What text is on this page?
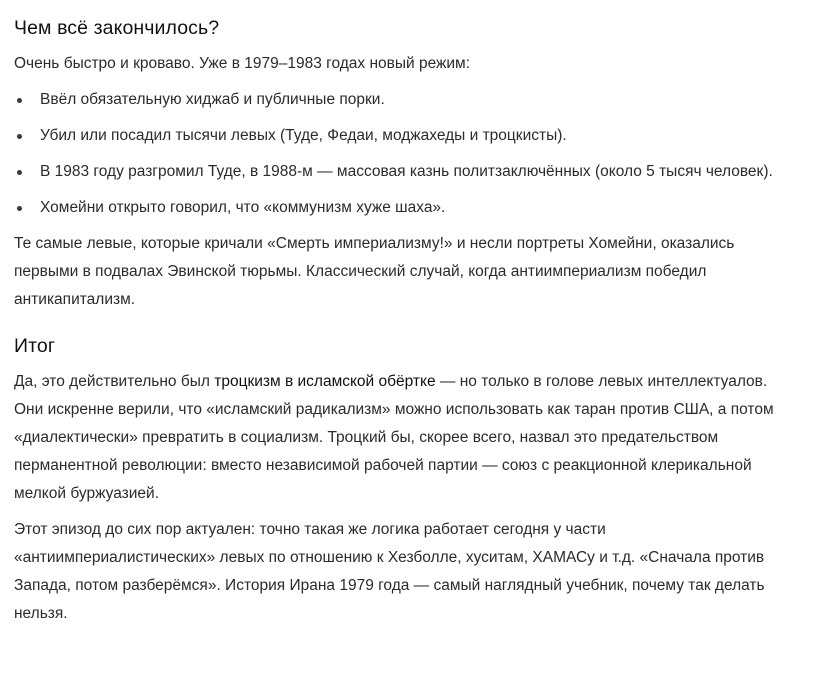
Чем всё закончилось?

Очень быстро и кроваво. Уже в 1979–1983 годах новый режим:

Ввёл обязательную хиджаб и публичные порки.
Убил или посадил тысячи левых (Туде, Федаи, моджахеды и троцкисты).
В 1983 году разгромил Туде, в 1988-м — массовая казнь политзаключённых (около 5 тысяч человек).
Хомейни открыто говорил, что «коммунизм хуже шаха».

Те самые левые, которые кричали «Смерть империализму!» и несли портреты Хомейни, оказались первыми в подвалах Эвинской тюрьмы. Классический случай, когда антиимпериализм победил антикапитализм.

Итог

Да, это действительно был троцкизм в исламской обёртке — но только в голове левых интеллектуалов. Они искренне верили, что «исламский радикализм» можно использовать как таран против США, а потом «диалектически» превратить в социализм. Троцкий бы, скорее всего, назвал это предательством перманентной революции: вместо независимой рабочей партии — союз с реакционной клерикальной мелкой буржуазией.

Этот эпизод до сих пор актуален: точно такая же логика работает сегодня у части «антиимпериалистических» левых по отношению к Хезболле, хуситам, ХАМАСу и т.д. «Сначала против Запада, потом разберёмся». История Ирана 1979 года — самый наглядный учебник, почему так делать нельзя.
